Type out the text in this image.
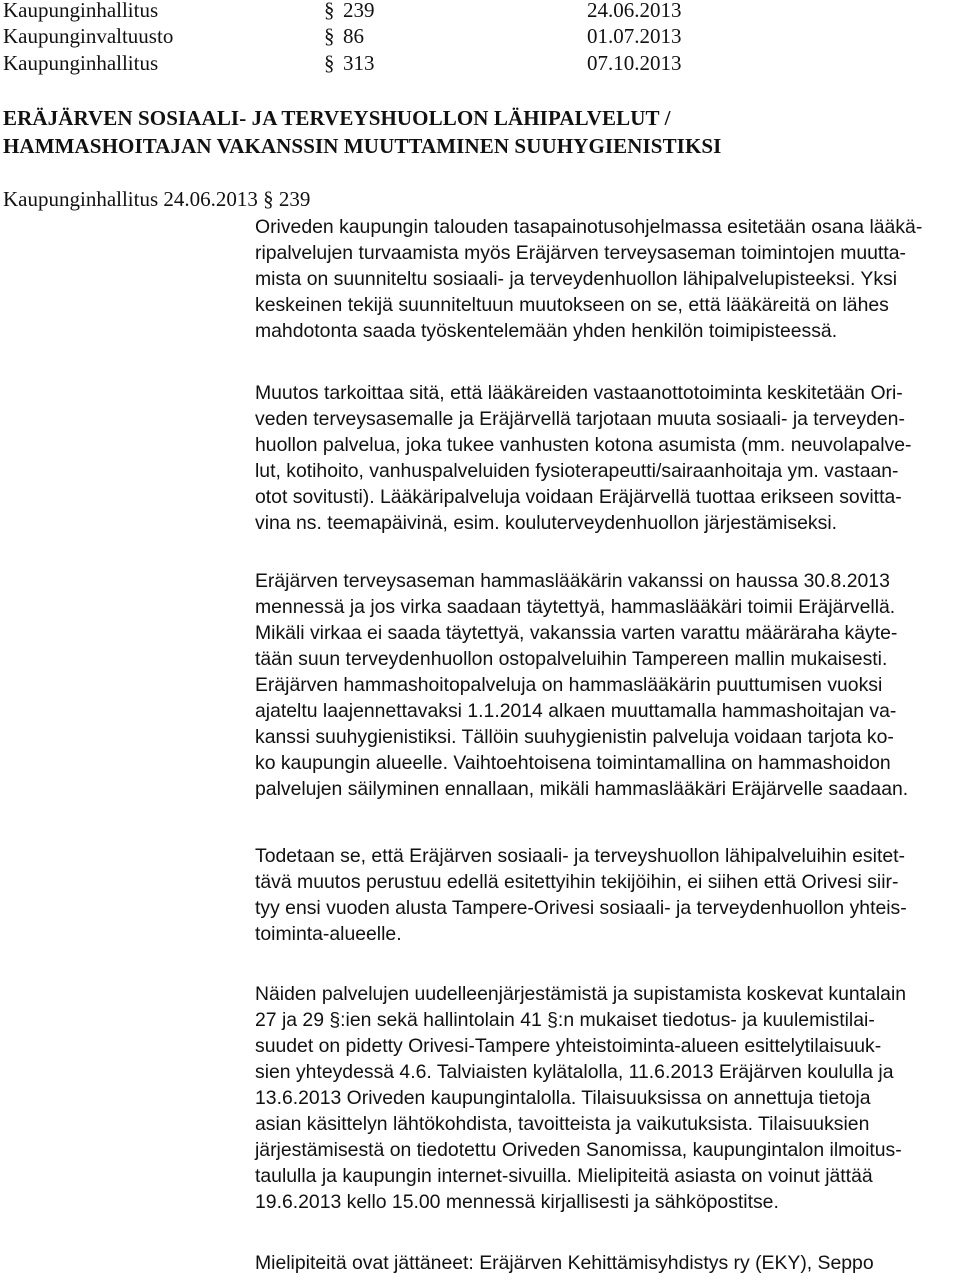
Kaupunginhallitus	§ 239	24.06.2013
Kaupunginvaltuusto	§ 86	01.07.2013
Kaupunginhallitus	§ 313	07.10.2013
ERÄJÄRVEN SOSIAALI- JA TERVEYSHUOLLON LÄHIPALVELUT /
HAMMASHOITAJAN VAKANSSIN MUUTTAMINEN SUUHYGIENISTIKSI
Kaupunginhallitus 24.06.2013 § 239
Oriveden kaupungin talouden tasapainotusohjelmassa esitetään osana lääkä-
ripalvelujen turvaamista myös Eräjärven terveysaseman toimintojen muutta-
mista on suunniteltu sosiaali- ja terveydenhuollon lähipalvelupisteeksi. Yksi
keskeinen tekijä suunniteltuun muutokseen on se, että lääkäreitä on lähes
mahdotonta saada työskentelemään yhden henkilön toimipisteessä.
Muutos tarkoittaa sitä, että lääkäreiden vastaanottotoiminta keskitetään Ori-
veden terveysasemalle ja Eräjärvellä tarjotaan muuta sosiaali- ja terveyden-
huollon palvelua, joka tukee vanhusten kotona asumista (mm. neuvolapalve-
lut, kotihoito, vanhuspalveluiden fysioterapeutti/sairaanhoitaja ym. vastaan-
otot sovitusti). Lääkäripalveluja voidaan Eräjärvellä tuottaa erikseen sovitta-
vina ns. teemapäivinä, esim. kouluterveydenhuollon järjestämiseksi.
Eräjärven terveysaseman hammaslääkärin vakanssi on haussa 30.8.2013
mennessä ja jos virka saadaan täytettyä, hammaslääkäri toimii Eräjärvellä.
Mikäli virkaa ei saada täytettyä, vakanssia varten varattu määräraha käyte-
tään suun terveydenhuollon ostopalveluihin Tampereen mallin mukaisesti.
Eräjärven hammashoitopalveluja on hammaslääkärin puuttumisen vuoksi
ajateltu laajennettavaksi 1.1.2014 alkaen muuttamalla hammashoitajan va-
kanssi suuhygienistiksi. Tällöin suuhygienistin palveluja voidaan tarjota ko-
ko kaupungin alueelle. Vaihtoehtoisena toimintamallina on hammashoidon
palvelujen säilyminen ennallaan, mikäli hammaslääkäri Eräjärvelle saadaan.
Todetaan se, että Eräjärven sosiaali- ja terveyshuollon lähipalveluihin esitet-
tävä muutos perustuu edellä esitettyihin tekijöihin, ei siihen että Orivesi siir-
tyy ensi vuoden alusta Tampere-Orivesi sosiaali- ja terveydenhuollon yhteis-
toiminta-alueelle.
Näiden palvelujen uudelleenjärjestämistä ja supistamista koskevat kuntalain
27 ja 29 §:ien sekä hallintolain 41 §:n mukaiset tiedotus- ja kuulemistilai-
suudet on pidetty Orivesi-Tampere yhteistoiminta-alueen esittelytilaisuuk-
sien yhteydessä 4.6. Talviaisten kylätalolla, 11.6.2013 Eräjärven koululla ja
13.6.2013 Oriveden kaupungintalolla. Tilaisuuksissa on annettuja tietoja
asian käsittelyn lähtökohdista, tavoitteista ja vaikutuksista. Tilaisuuksien
järjestämisestä on tiedotettu Oriveden Sanomissa, kaupungintalon ilmoitus-
taululla ja kaupungin internet-sivuilla. Mielipiteitä asiasta on voinut jättää
19.6.2013 kello 15.00 mennessä kirjallisesti ja sähköpostitse.
Mielipiteitä ovat jättäneet: Eräjärven Kehittämisyhdistys ry (EKY), Seppo
